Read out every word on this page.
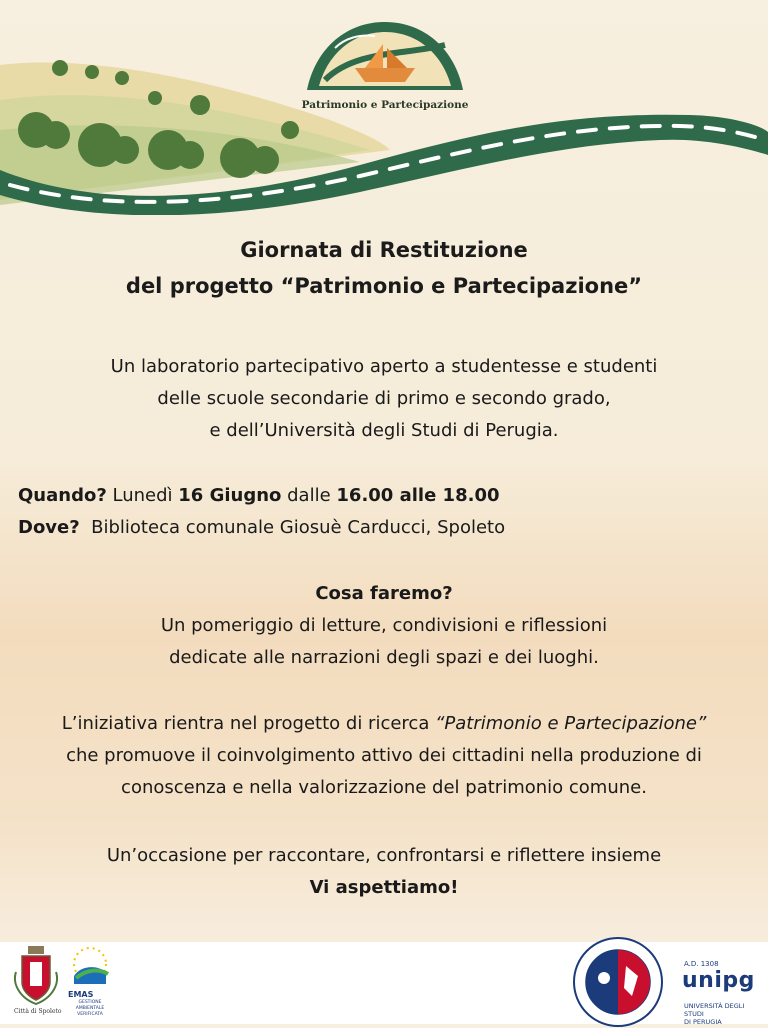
Patrimonio e Partecipazione
Giornata di Restituzione
del progetto “Patrimonio e Partecipazione”
Un laboratorio partecipativo aperto a studentesse e studenti
delle scuole secondarie di primo e secondo grado,
e dell’Università degli Studi di Perugia.
Quando? Lunedì 16 Giugno dalle 16.00 alle 18.00
Dove?  Biblioteca comunale Giosuè Carducci, Spoleto
Cosa faremo?
Un pomeriggio di letture, condivisioni e riflessioni
dedicate alle narrazioni degli spazi e dei luoghi.
L’iniziativa rientra nel progetto di ricerca “Patrimonio e Partecipazione”
che promuove il coinvolgimento attivo dei cittadini nella produzione di
conoscenza e nella valorizzazione del patrimonio comune.
Un’occasione per raccontare, confrontarsi e riflettere insieme
Vi aspettiamo!
Città di Spoleto
EMAS
GESTIONE AMBIENTALE
VERIFICATA
A.D. 1308
unipg
UNIVERSITÀ DEGLI STUDI
DI PERUGIA
